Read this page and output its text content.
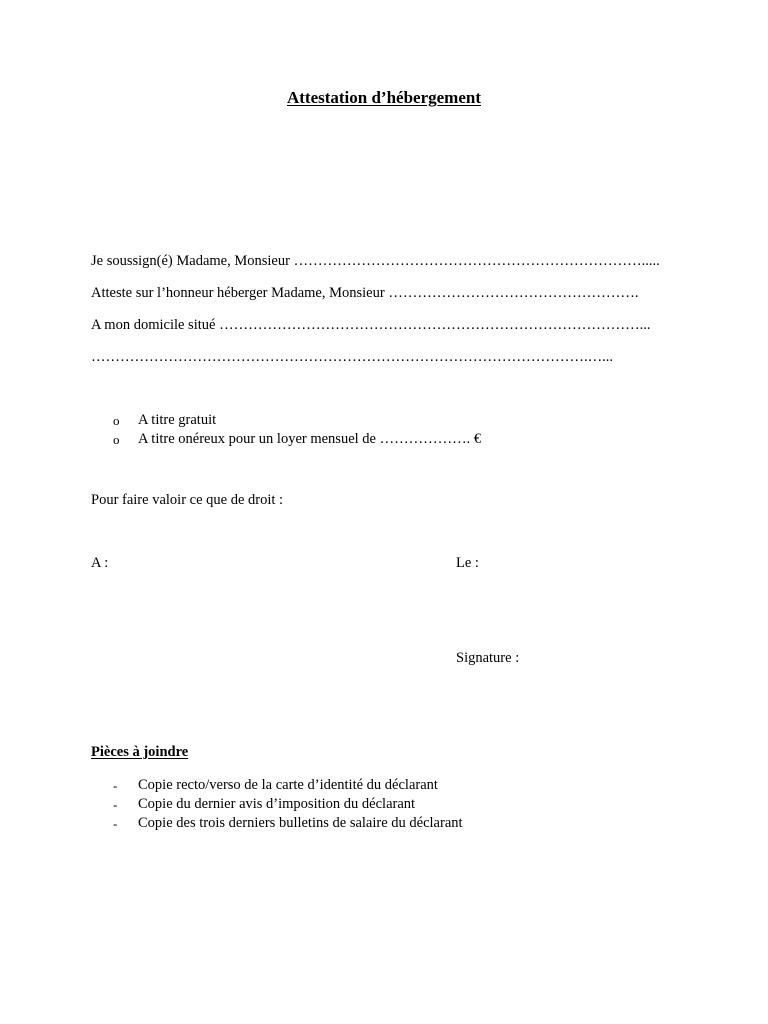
Attestation d’hébergement
Je soussign(é) Madame, Monsieur ……………………………………………………………….....
Atteste sur l’honneur héberger Madame, Monsieur …………………………………………….
A mon domicile situé ……………………………………………………………………………...
………………………………………………………………………………………….…...
o A titre gratuit
o A titre onéreux pour un loyer mensuel de ………………. €
Pour faire valoir ce que de droit :
A :	Le :
Signature :
Pièces à joindre
- Copie recto/verso de la carte d’identité du déclarant
- Copie du dernier avis d’imposition du déclarant
- Copie des trois derniers bulletins de salaire du déclarant
